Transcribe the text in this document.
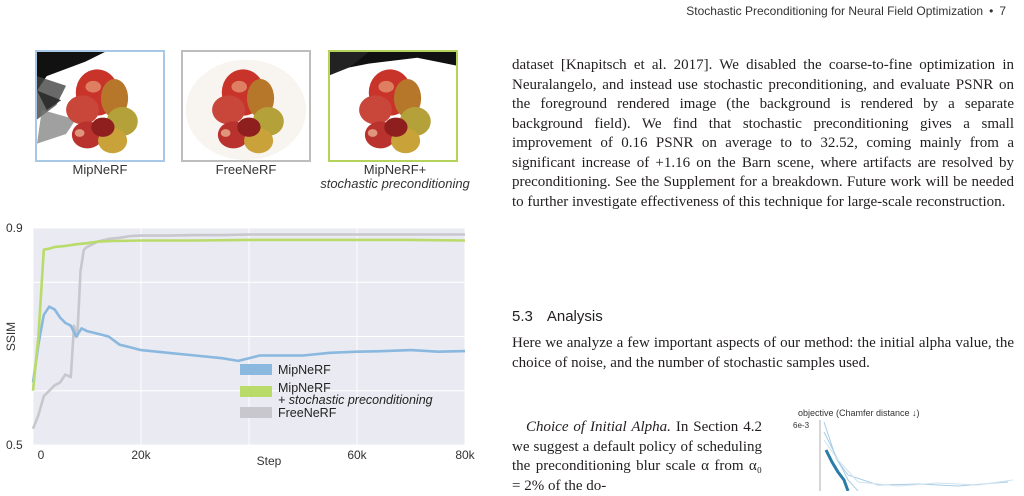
Stochastic Preconditioning for Neural Field Optimization • 7
MipNeRF	FreeNeRF	MipNeRF+
stochastic preconditioning
MipNeRF
MipNeRF
+ stochastic preconditioning
FreeNeRF
0	20k	60k	80k
0.9
0.5
SSIM
Step

dataset [Knapitsch et al. 2017]. We disabled the coarse-to-fine optimization in Neuralangelo, and instead use stochastic preconditioning, and evaluate PSNR on the foreground rendered image (the background is rendered by a separate background field). We find that stochastic preconditioning gives a small improvement of 0.16 PSNR on average to to 32.52, coming mainly from a significant increase of +1.16 on the Barn scene, where artifacts are resolved by preconditioning. See the Supplement for a breakdown. Future work will be needed to further investigate effectiveness of this technique for large-scale reconstruction.

5.3 Analysis

Here we analyze a few important aspects of our method: the initial alpha value, the choice of noise, and the number of stochastic samples used.

Choice of Initial Alpha. In Section 4.2 we suggest a default policy of scheduling the preconditioning blur scale α from α₀ = 2% of the do-

objective (Chamfer distance ↓)
6e-3
